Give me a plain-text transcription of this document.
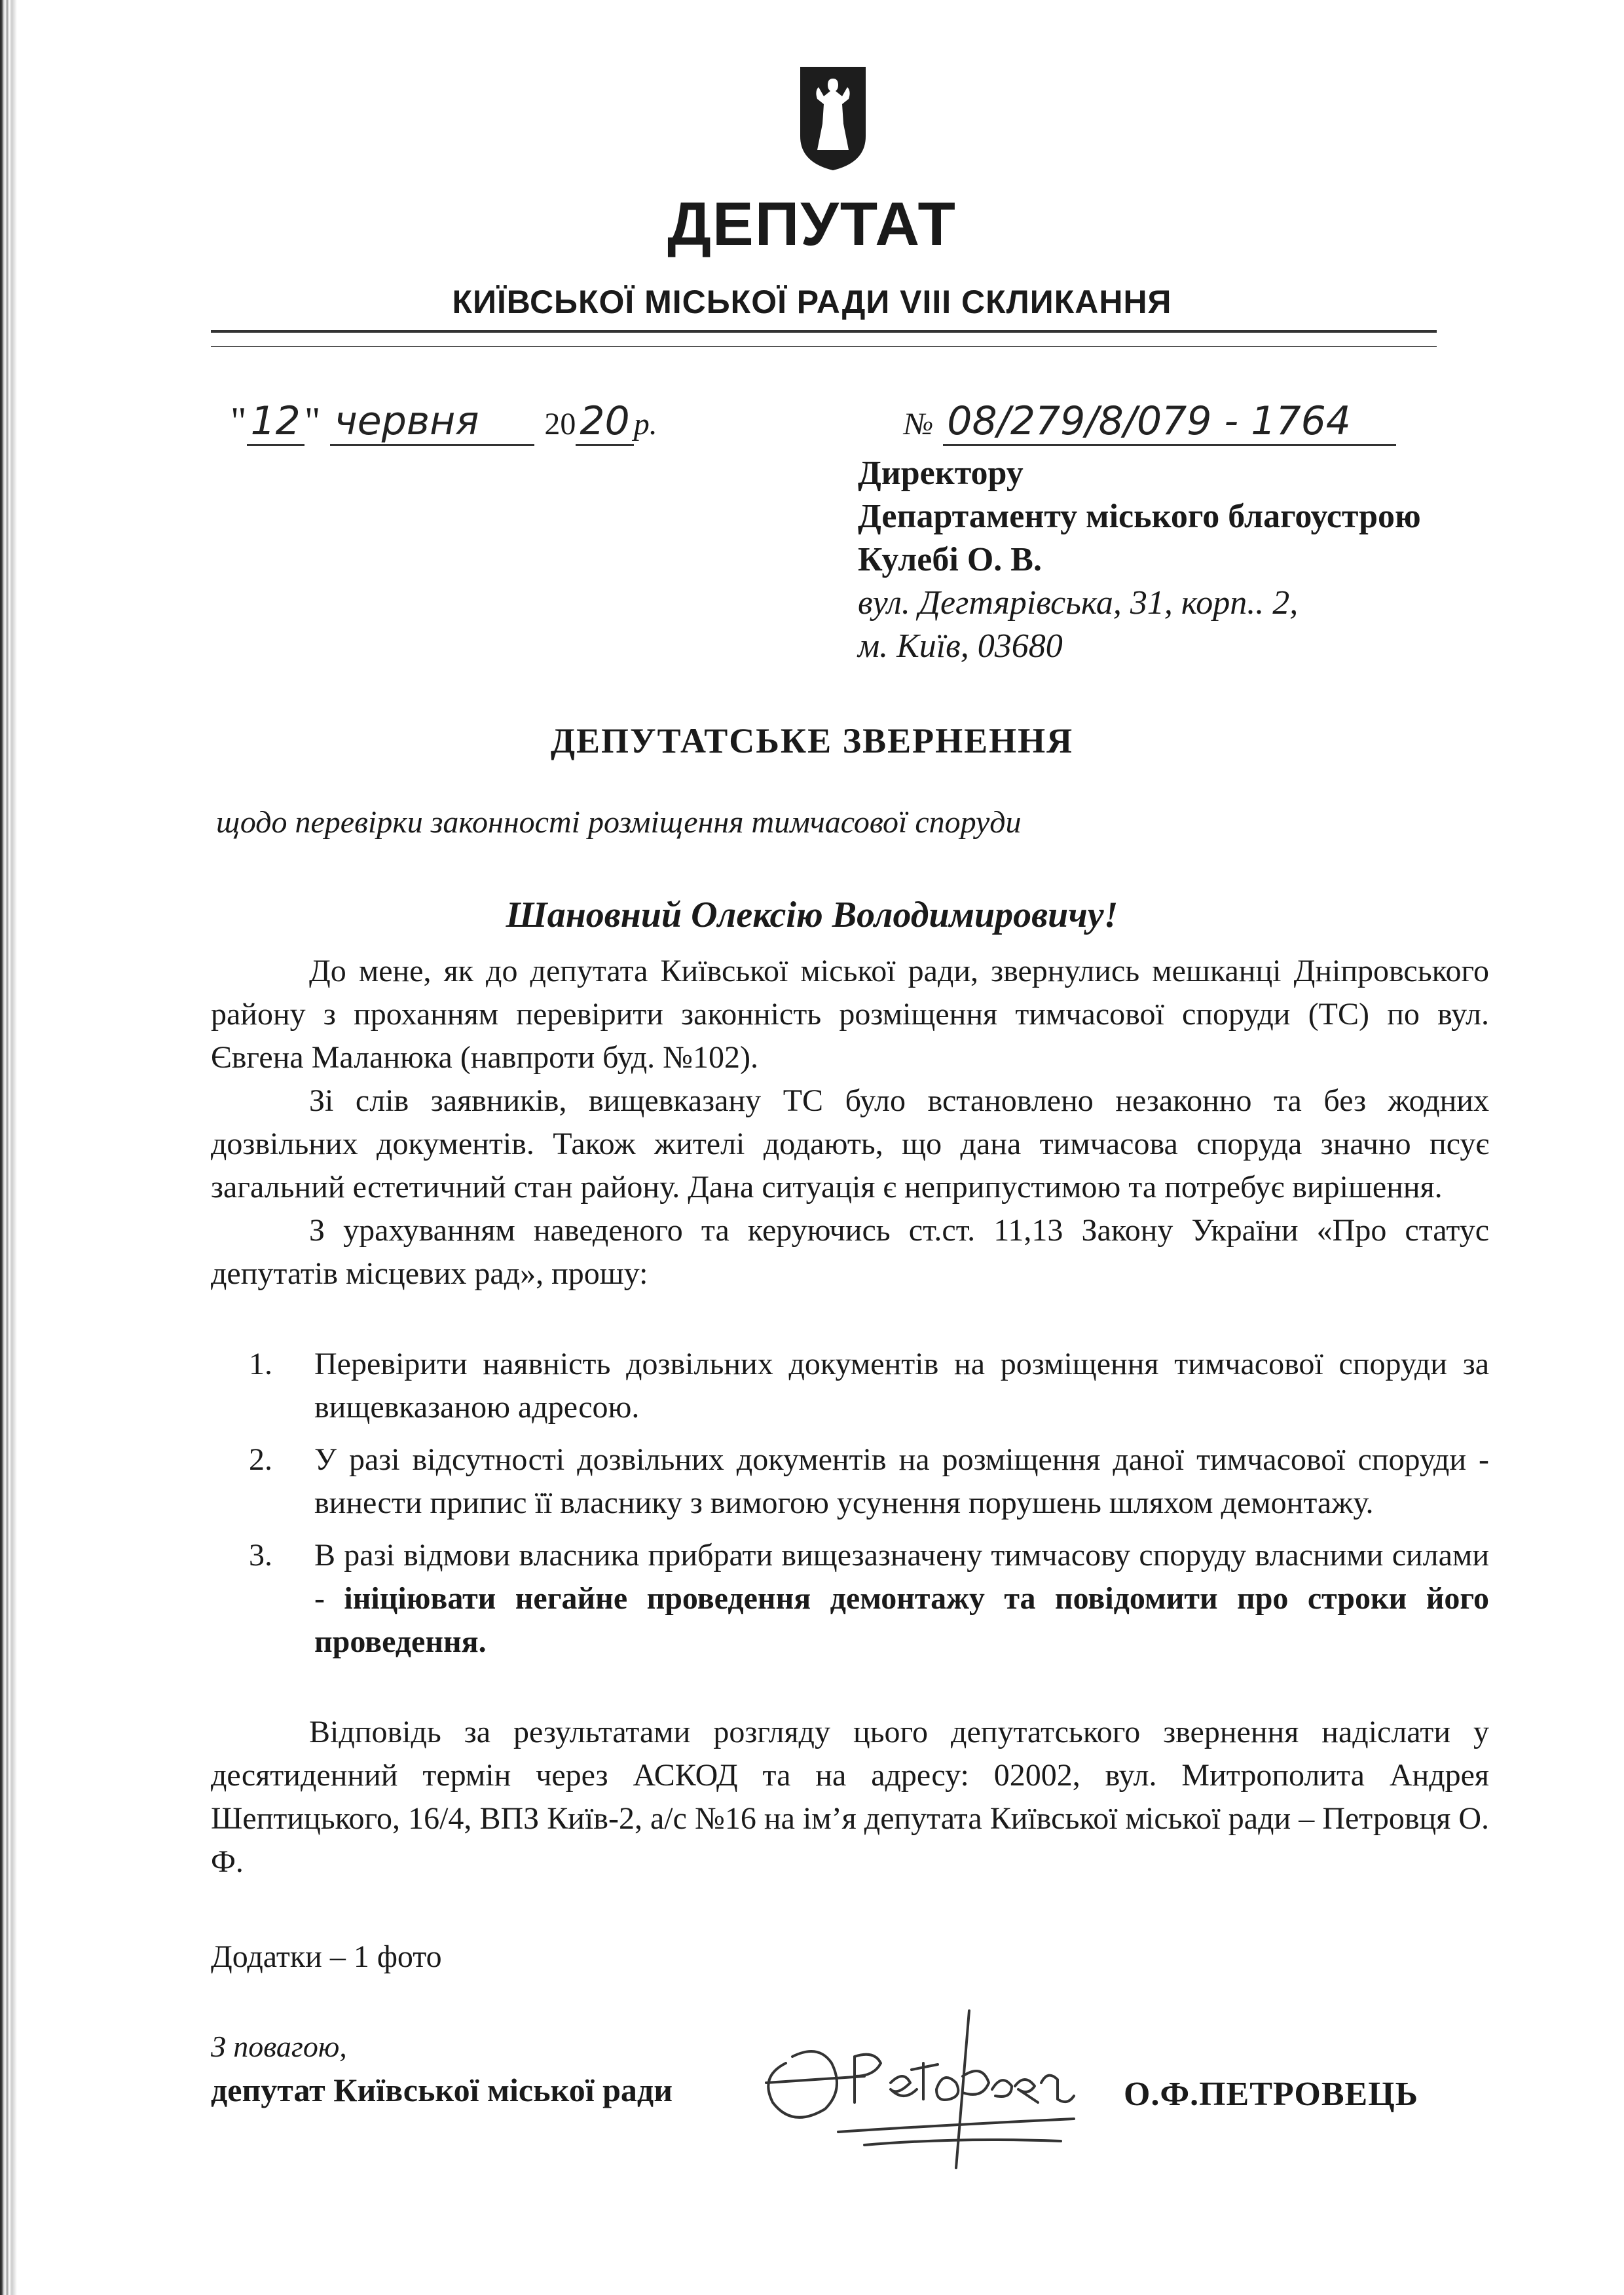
ДЕПУТАТ
КИЇВСЬКОЇ МІСЬКОЇ РАДИ VIII СКЛИКАННЯ
" 12 " червня 20 20 р.	№ 08/279/8/079 - 1764
Директору
Департаменту міського благоустрою
Кулебі О. В.
вул. Дегтярівська, 31, корп.. 2,
м. Київ, 03680
ДЕПУТАТСЬКЕ ЗВЕРНЕННЯ
щодо перевірки законності розміщення тимчасової споруди
Шановний Олексію Володимировичу!

До мене, як до депутата Київської міської ради, звернулись мешканці Дніпровського району з проханням перевірити законність розміщення тимчасової споруди (ТС) по вул. Євгена Маланюка (навпроти буд. №102).

Зі слів заявників, вищевказану ТС було встановлено незаконно та без жодних дозвільних документів. Також жителі додають, що дана тимчасова споруда значно псує загальний естетичний стан району. Дана ситуація є неприпустимою та потребує вирішення.

З урахуванням наведеного та керуючись ст.ст. 11,13 Закону України «Про статус депутатів місцевих рад», прошу:

1. Перевірити наявність дозвільних документів на розміщення тимчасової споруди за вищевказаною адресою.
2. У разі відсутності дозвільних документів на розміщення даної тимчасової споруди - винести припис її власнику з вимогою усунення порушень шляхом демонтажу.
3. В разі відмови власника прибрати вищезазначену тимчасову споруду власними силами - ініціювати негайне проведення демонтажу та повідомити про строки його проведення.

Відповідь за результатами розгляду цього депутатського звернення надіслати у десятиденний термін через АСКОД та на адресу: 02002, вул. Митрополита Андрея Шептицького, 16/4, ВПЗ Київ-2, а/с №16 на ім’я депутата Київської міської ради – Петровця О. Ф.

Додатки – 1 фото
З повагою,
депутат Київської міської ради	О.Ф.ПЕТРОВЕЦЬ
